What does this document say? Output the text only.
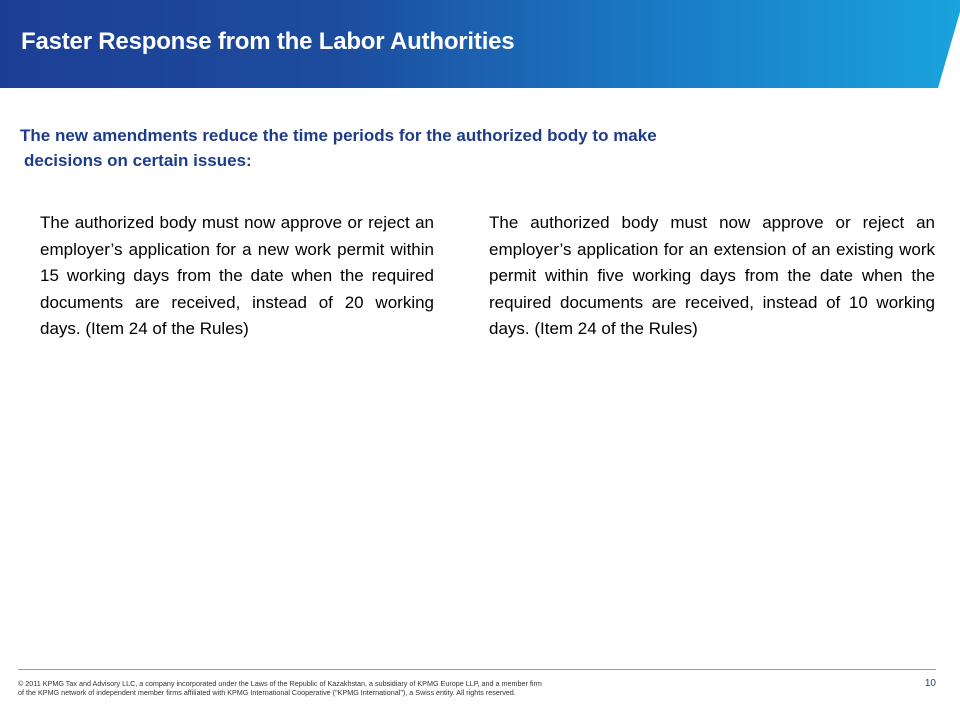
Faster Response from the Labor Authorities
The new amendments reduce the time periods for the authorized body to make
decisions on certain issues:

The authorized body must now approve or reject an employer’s application for a new work permit within 15 working days from the date when the required documents are received, instead of 20 working days. (Item 24 of the Rules)

The authorized body must now approve or reject an employer’s application for an extension of an existing work permit within five working days from the date when the required documents are received, instead of 10 working days. (Item 24 of the Rules)

© 2011 KPMG Tax and Advisory LLC, a company incorporated under the Laws of the Republic of Kazakhstan, a subsidiary of KPMG Europe LLP, and a member firm
of the KPMG network of independent member firms affiliated with KPMG International Cooperative ("KPMG International"), a Swiss entity. All rights reserved.
10
